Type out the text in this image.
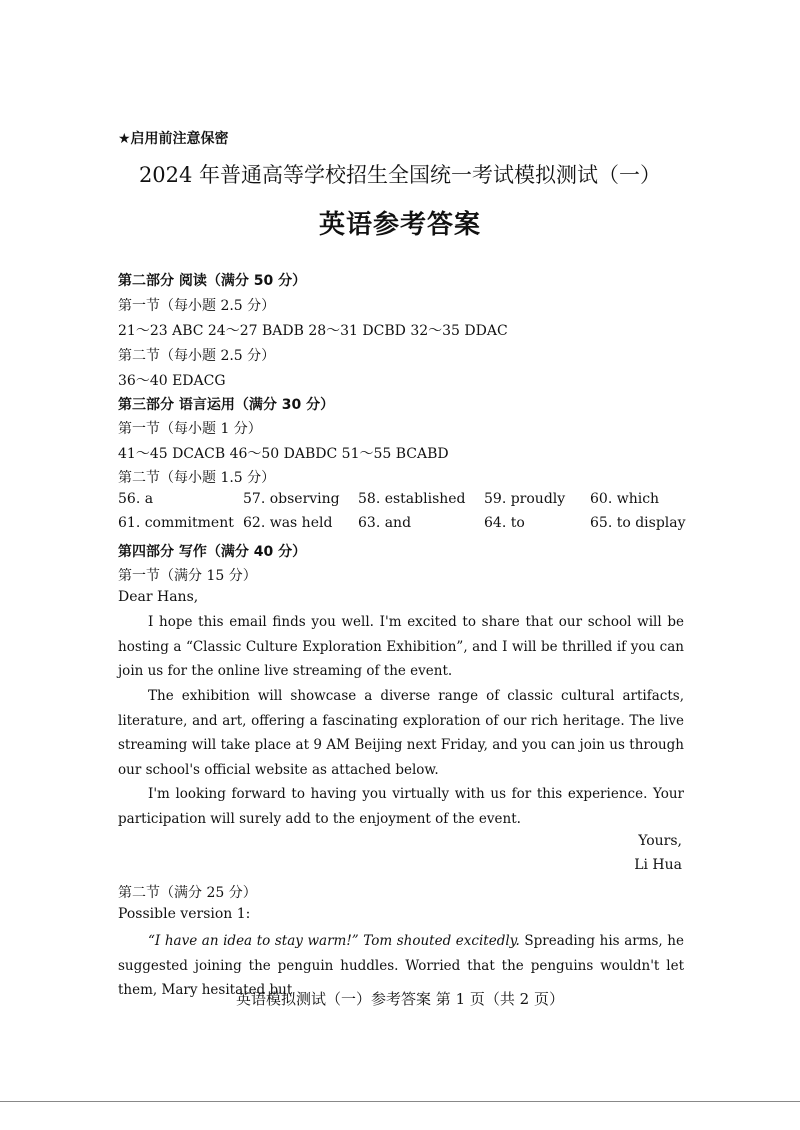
★启用前注意保密
2024 年普通高等学校招生全国统一考试模拟测试（一）
英语参考答案
第二部分 阅读（满分 50 分）
第一节（每小题 2.5 分）
21～23 ABC 24～27 BADB 28～31 DCBD 32～35 DDAC
第二节（每小题 2.5 分）
36～40 EDACG
第三部分 语言运用（满分 30 分）
第一节（每小题 1 分）
41～45 DCACB 46～50 DABDC 51～55 BCABD
第二节（每小题 1.5 分）
56. a	57. observing 58. established 59. proudly 60. which
61. commitment 62. was held 63. and	64. to	65. to display
第四部分 写作（满分 40 分）
第一节（满分 15 分）
Dear Hans,
I hope this email finds you well. I'm excited to share that our school will be hosting a “Classic Culture Exploration Exhibition”, and I will be thrilled if you can join us for the online live streaming of the event.
The exhibition will showcase a diverse range of classic cultural artifacts, literature, and art, offering a fascinating exploration of our rich heritage. The live streaming will take place at 9 AM Beijing next Friday, and you can join us through our school's official website as attached below.
I'm looking forward to having you virtually with us for this experience. Your participation will surely add to the enjoyment of the event.
Yours,
Li Hua
第二节（满分 25 分）
Possible version 1:
“I have an idea to stay warm!” Tom shouted excitedly. Spreading his arms, he suggested joining the penguin huddles. Worried that the penguins wouldn't let them, Mary hesitated but
英语模拟测试（一）参考答案 第 1 页（共 2 页）
